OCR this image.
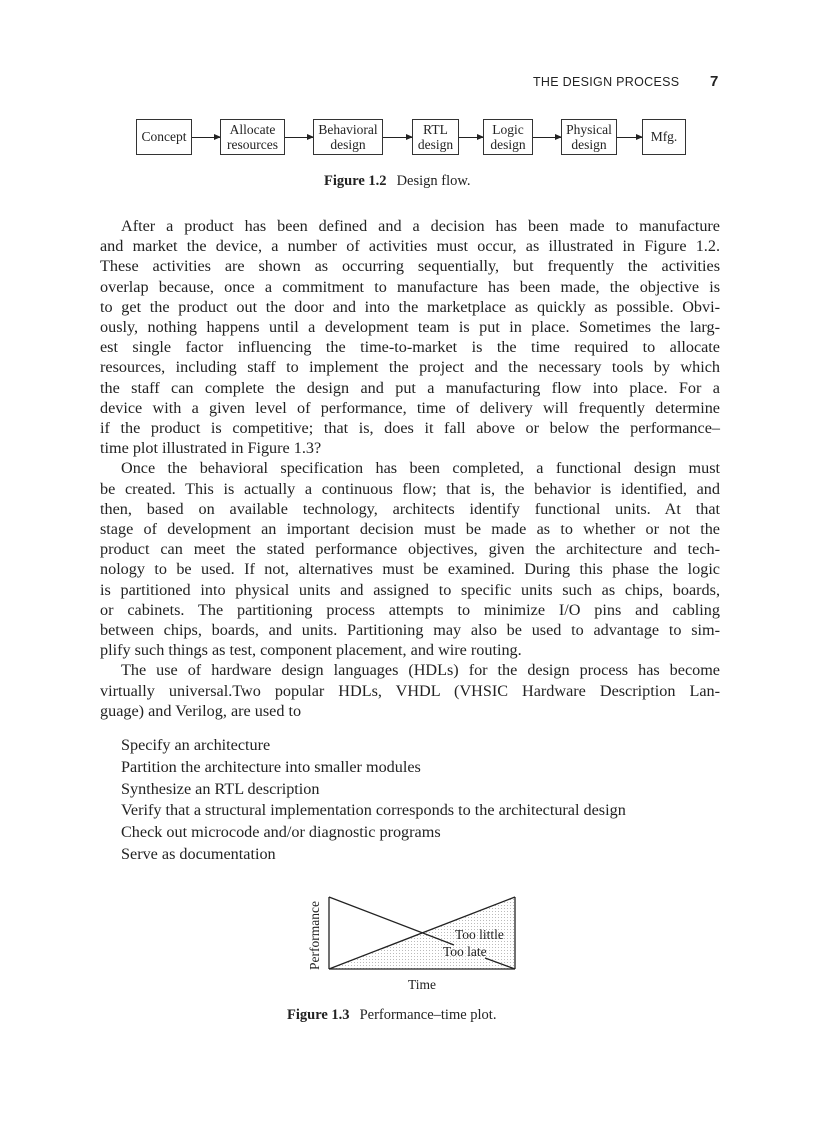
THE DESIGN PROCESS 7
Concept
Allocate
resources
Behavioral
design
RTL
design
Logic
design
Physical
design
Mfg.
Figure 1.2 Design flow.
After a product has been defined and a decision has been made to manufacture
and market the device, a number of activities must occur, as illustrated in Figure 1.2.
These activities are shown as occurring sequentially, but frequently the activities
overlap because, once a commitment to manufacture has been made, the objective is
to get the product out the door and into the marketplace as quickly as possible. Obvi-
ously, nothing happens until a development team is put in place. Sometimes the larg-
est single factor influencing the time-to-market is the time required to allocate
resources, including staff to implement the project and the necessary tools by which
the staff can complete the design and put a manufacturing flow into place. For a
device with a given level of performance, time of delivery will frequently determine
if the product is competitive; that is, does it fall above or below the performance–
time plot illustrated in Figure 1.3?
Once the behavioral specification has been completed, a functional design must
be created. This is actually a continuous flow; that is, the behavior is identified, and
then, based on available technology, architects identify functional units. At that
stage of development an important decision must be made as to whether or not the
product can meet the stated performance objectives, given the architecture and tech-
nology to be used. If not, alternatives must be examined. During this phase the logic
is partitioned into physical units and assigned to specific units such as chips, boards,
or cabinets. The partitioning process attempts to minimize I/O pins and cabling
between chips, boards, and units. Partitioning may also be used to advantage to sim-
plify such things as test, component placement, and wire routing.
The use of hardware design languages (HDLs) for the design process has become
virtually universal.Two popular HDLs, VHDL (VHSIC Hardware Description Lan-
guage) and Verilog, are used to
Specify an architecture
Partition the architecture into smaller modules
Synthesize an RTL description
Verify that a structural implementation corresponds to the architectural design
Check out microcode and/or diagnostic programs
Serve as documentation
Too little
Too late
Performance
Time
Figure 1.3 Performance–time plot.
